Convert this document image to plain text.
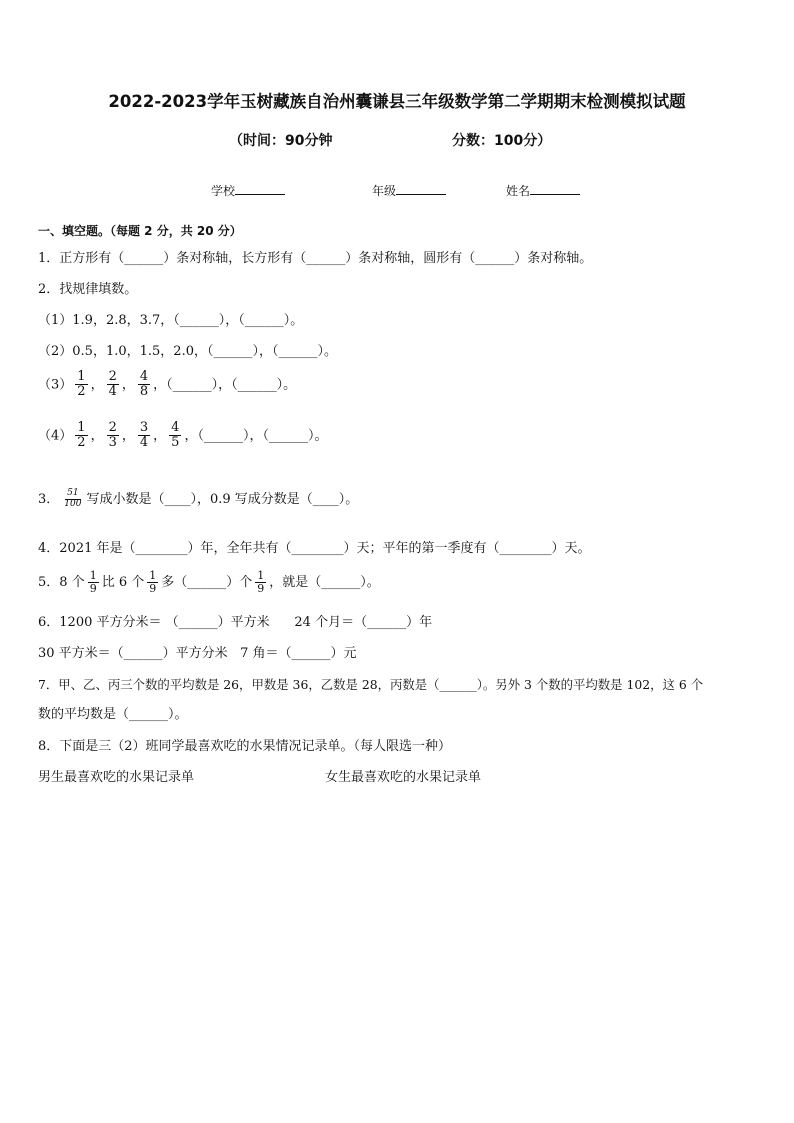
2022-2023学年玉树藏族自治州囊谦县三年级数学第二学期期末检测模拟试题
（时间：90分钟	分数：100分）
学校	年级	姓名
一、填空题。（每题 2 分，共 20 分）
1．正方形有（______）条对称轴，长方形有（______）条对称轴，圆形有（______）条对称轴。
2．找规律填数。
（1）1.9，2.8，3.7，（______），（______）。
（2）0.5，1.0，1.5，2.0，（______），（______）。
$(3) \frac{1}{2}$ ， $\frac{2}{4}$ ， $\frac{4}{8}$ ，（______），（______）。
$(4) \frac{1}{2}$ ， $\frac{2}{3}$ ， $\frac{3}{4}$ ， $\frac{4}{5}$ ，（______），（______）。
3． $\frac{51}{100}$ 写成小数是（____），0.9 写成分数是（____）。
4．2021 年是（________）年，全年共有（________）天；平年的第一季度有（________）天。
5．8 个 $\frac{1}{9}$ 比 6 个 $\frac{1}{9}$ 多（______）个 $\frac{1}{9}$ ，就是（______）。
6．1200 平方分米＝ （______）平方米      24 个月＝（______）年
30 平方米＝（______）平方分米   7 角＝（______）元
7．甲、乙、丙三个数的平均数是 26，甲数是 36，乙数是 28，丙数是（______）。另外 3 个数的平均数是 102，这 6 个
数的平均数是（______）。
8．下面是三（2）班同学最喜欢吃的水果情况记录单。（每人限选一种）
男生最喜欢吃的水果记录单	女生最喜欢吃的水果记录单
